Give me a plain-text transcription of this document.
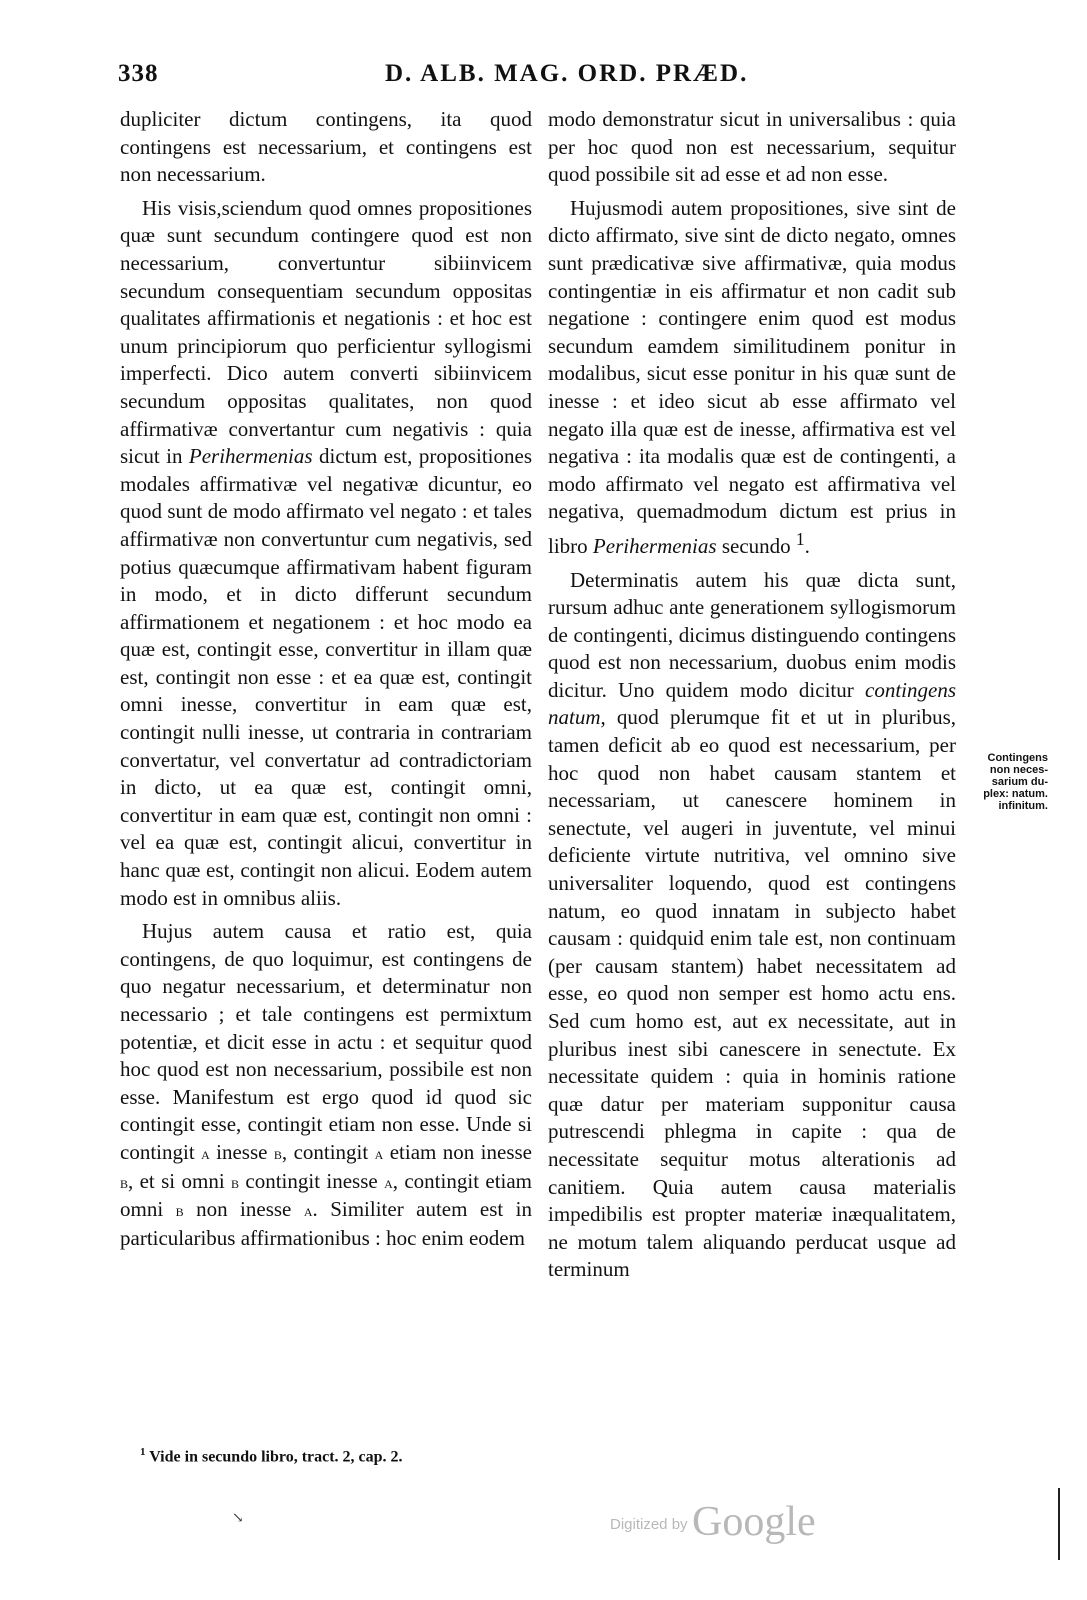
338	D. ALB. MAG. ORD. PRÆD.

dupliciter dictum contingens, ita quod contingens est necessarium, et contingens est non necessarium.

His visis,sciendum quod omnes propositiones quæ sunt secundum contingere quod est non necessarium, convertuntur sibiinvicem secundum consequentiam secundum oppositas qualitates affirmationis et negationis : et hoc est unum principiorum quo perficientur syllogismi imperfecti. Dico autem converti sibiinvicem secundum oppositas qualitates, non quod affirmativæ convertantur cum negativis : quia sicut in Perihermenias dictum est, propositiones modales affirmativæ vel negativæ dicuntur, eo quod sunt de modo affirmato vel negato : et tales affirmativæ non convertuntur cum negativis, sed potius quæcumque affirmativam habent figuram in modo, et in dicto differunt secundum affirmationem et negationem : et hoc modo ea quæ est, contingit esse, convertitur in illam quæ est, contingit non esse : et ea quæ est, contingit omni inesse, convertitur in eam quæ est, contingit nulli inesse, ut contraria in contrariam convertatur, vel convertatur ad contradictoriam in dicto, ut ea quæ est, contingit omni, convertitur in eam quæ est, contingit non omni : vel ea quæ est, contingit alicui, convertitur in hanc quæ est, contingit non alicui. Eodem autem modo est in omnibus aliis.

Hujus autem causa et ratio est, quia contingens, de quo loquimur, est contingens de quo negatur necessarium, et determinatur non necessario ; et tale contingens est permixtum potentiæ, et dicit esse in actu : et sequitur quod hoc quod est non necessarium, possibile est non esse. Manifestum est ergo quod id quod sic contingit esse, contingit etiam non esse. Unde si contingit a inesse b, contingit a etiam non inesse b, et si omni b contingit inesse a, contingit etiam omni b non inesse a. Similiter autem est in particularibus affirmationibus : hoc enim eodem

modo demonstratur sicut in universalibus : quia per hoc quod non est necessarium, sequitur quod possibile sit ad esse et ad non esse.

Hujusmodi autem propositiones, sive sint de dicto affirmato, sive sint de dicto negato, omnes sunt prædicativæ sive affirmativæ, quia modus contingentiæ in eis affirmatur et non cadit sub negatione : contingere enim quod est modus secundum eamdem similitudinem ponitur in modalibus, sicut esse ponitur in his quæ sunt de inesse : et ideo sicut ab esse affirmato vel negato illa quæ est de inesse, affirmativa est vel negativa : ita modalis quæ est de contingenti, a modo affirmato vel negato est affirmativa vel negativa, quemadmodum dictum est prius in libro Perihermenias secundo $^1$.

Determinatis autem his quæ dicta sunt, rursum adhuc ante generationem syllogismorum de contingenti, dicimus distinguendo contingens quod est non necessarium, duobus enim modis dicitur. Uno quidem modo dicitur contingens natum, quod plerumque fit et ut in pluribus, tamen deficit ab eo quod est necessarium, per hoc quod non habet causam stantem et necessariam, ut canescere hominem in senectute, vel augeri in juventute, vel minui deficiente virtute nutritiva, vel omnino sive universaliter loquendo, quod est contingens natum, eo quod innatam in subjecto habet causam : quidquid enim tale est, non continuam (per causam stantem) habet necessitatem ad esse, eo quod non semper est homo actu ens. Sed cum homo est, aut ex necessitate, aut in pluribus inest sibi canescere in senectute. Ex necessitate quidem : quia in hominis ratione quæ datur per materiam supponitur causa putrescendi phlegma in capite : qua de necessitate sequitur motus alterationis ad canitiem. Quia autem causa materialis impedibilis est propter materiæ inæqualitatem, ne motum talem aliquando perducat usque ad terminum

Contingens
non neces-
sarium du-
plex: natum.
infinitum.
$^1$ Vide in secundo libro, tract. 2, cap. 2.
↘	Digitized by Google
